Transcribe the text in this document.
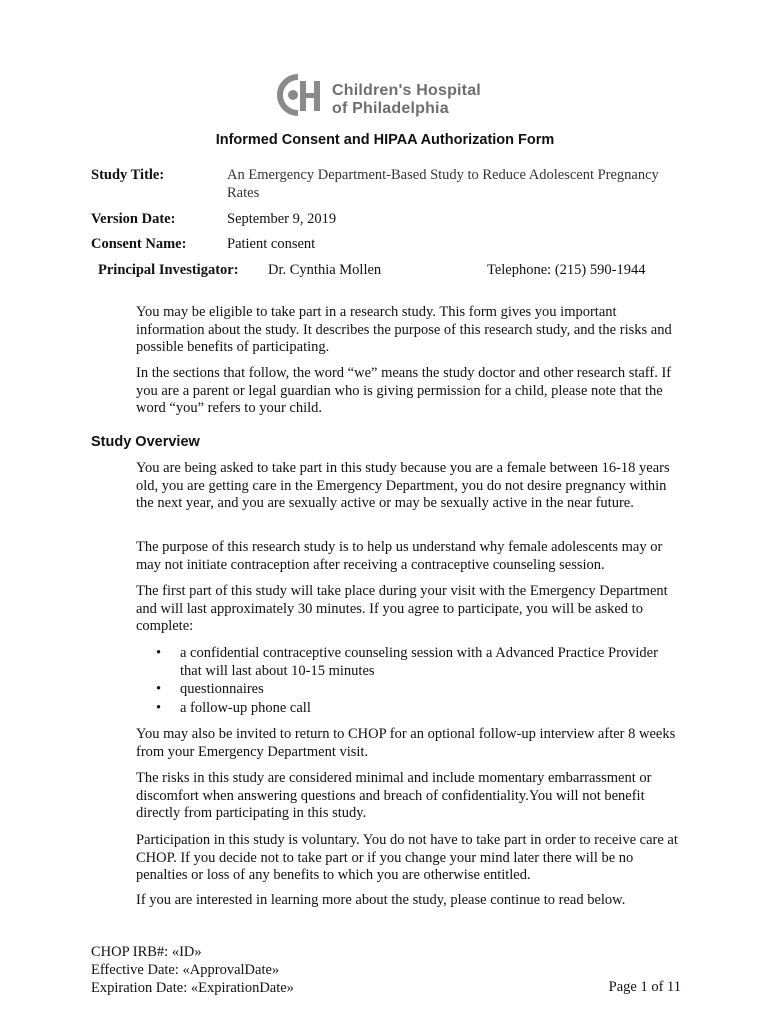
Children's Hospital
of Philadelphia
Informed Consent and HIPAA Authorization Form
Study Title:	An Emergency Department-Based Study to Reduce Adolescent Pregnancy Rates
Version Date:	September 9, 2019
Consent Name:	Patient consent
Principal Investigator: Dr. Cynthia Mollen	Telephone: (215) 590-1944

You may be eligible to take part in a research study. This form gives you important information about the study. It describes the purpose of this research study, and the risks and possible benefits of participating.

In the sections that follow, the word “we” means the study doctor and other research staff. If you are a parent or legal guardian who is giving permission for a child, please note that the word “you” refers to your child.

Study Overview

You are being asked to take part in this study because you are a female between 16-18 years old, you are getting care in the Emergency Department, you do not desire pregnancy within the next year, and you are sexually active or may be sexually active in the near future.

The purpose of this research study is to help us understand why female adolescents may or may not initiate contraception after receiving a contraceptive counseling session.

The first part of this study will take place during your visit with the Emergency Department and will last approximately 30 minutes. If you agree to participate, you will be asked to complete:

• a confidential contraceptive counseling session with a Advanced Practice Provider that will last about 10-15 minutes
• questionnaires
• a follow-up phone call

You may also be invited to return to CHOP for an optional follow-up interview after 8 weeks from your Emergency Department visit.

The risks in this study are considered minimal and include momentary embarrassment or discomfort when answering questions and breach of confidentiality.You will not benefit directly from participating in this study.

Participation in this study is voluntary. You do not have to take part in order to receive care at CHOP. If you decide not to take part or if you change your mind later there will be no penalties or loss of any benefits to which you are otherwise entitled.

If you are interested in learning more about the study, please continue to read below.

CHOP IRB#: «ID»
Effective Date: «ApprovalDate»
Expiration Date: «ExpirationDate»	Page 1 of 11
